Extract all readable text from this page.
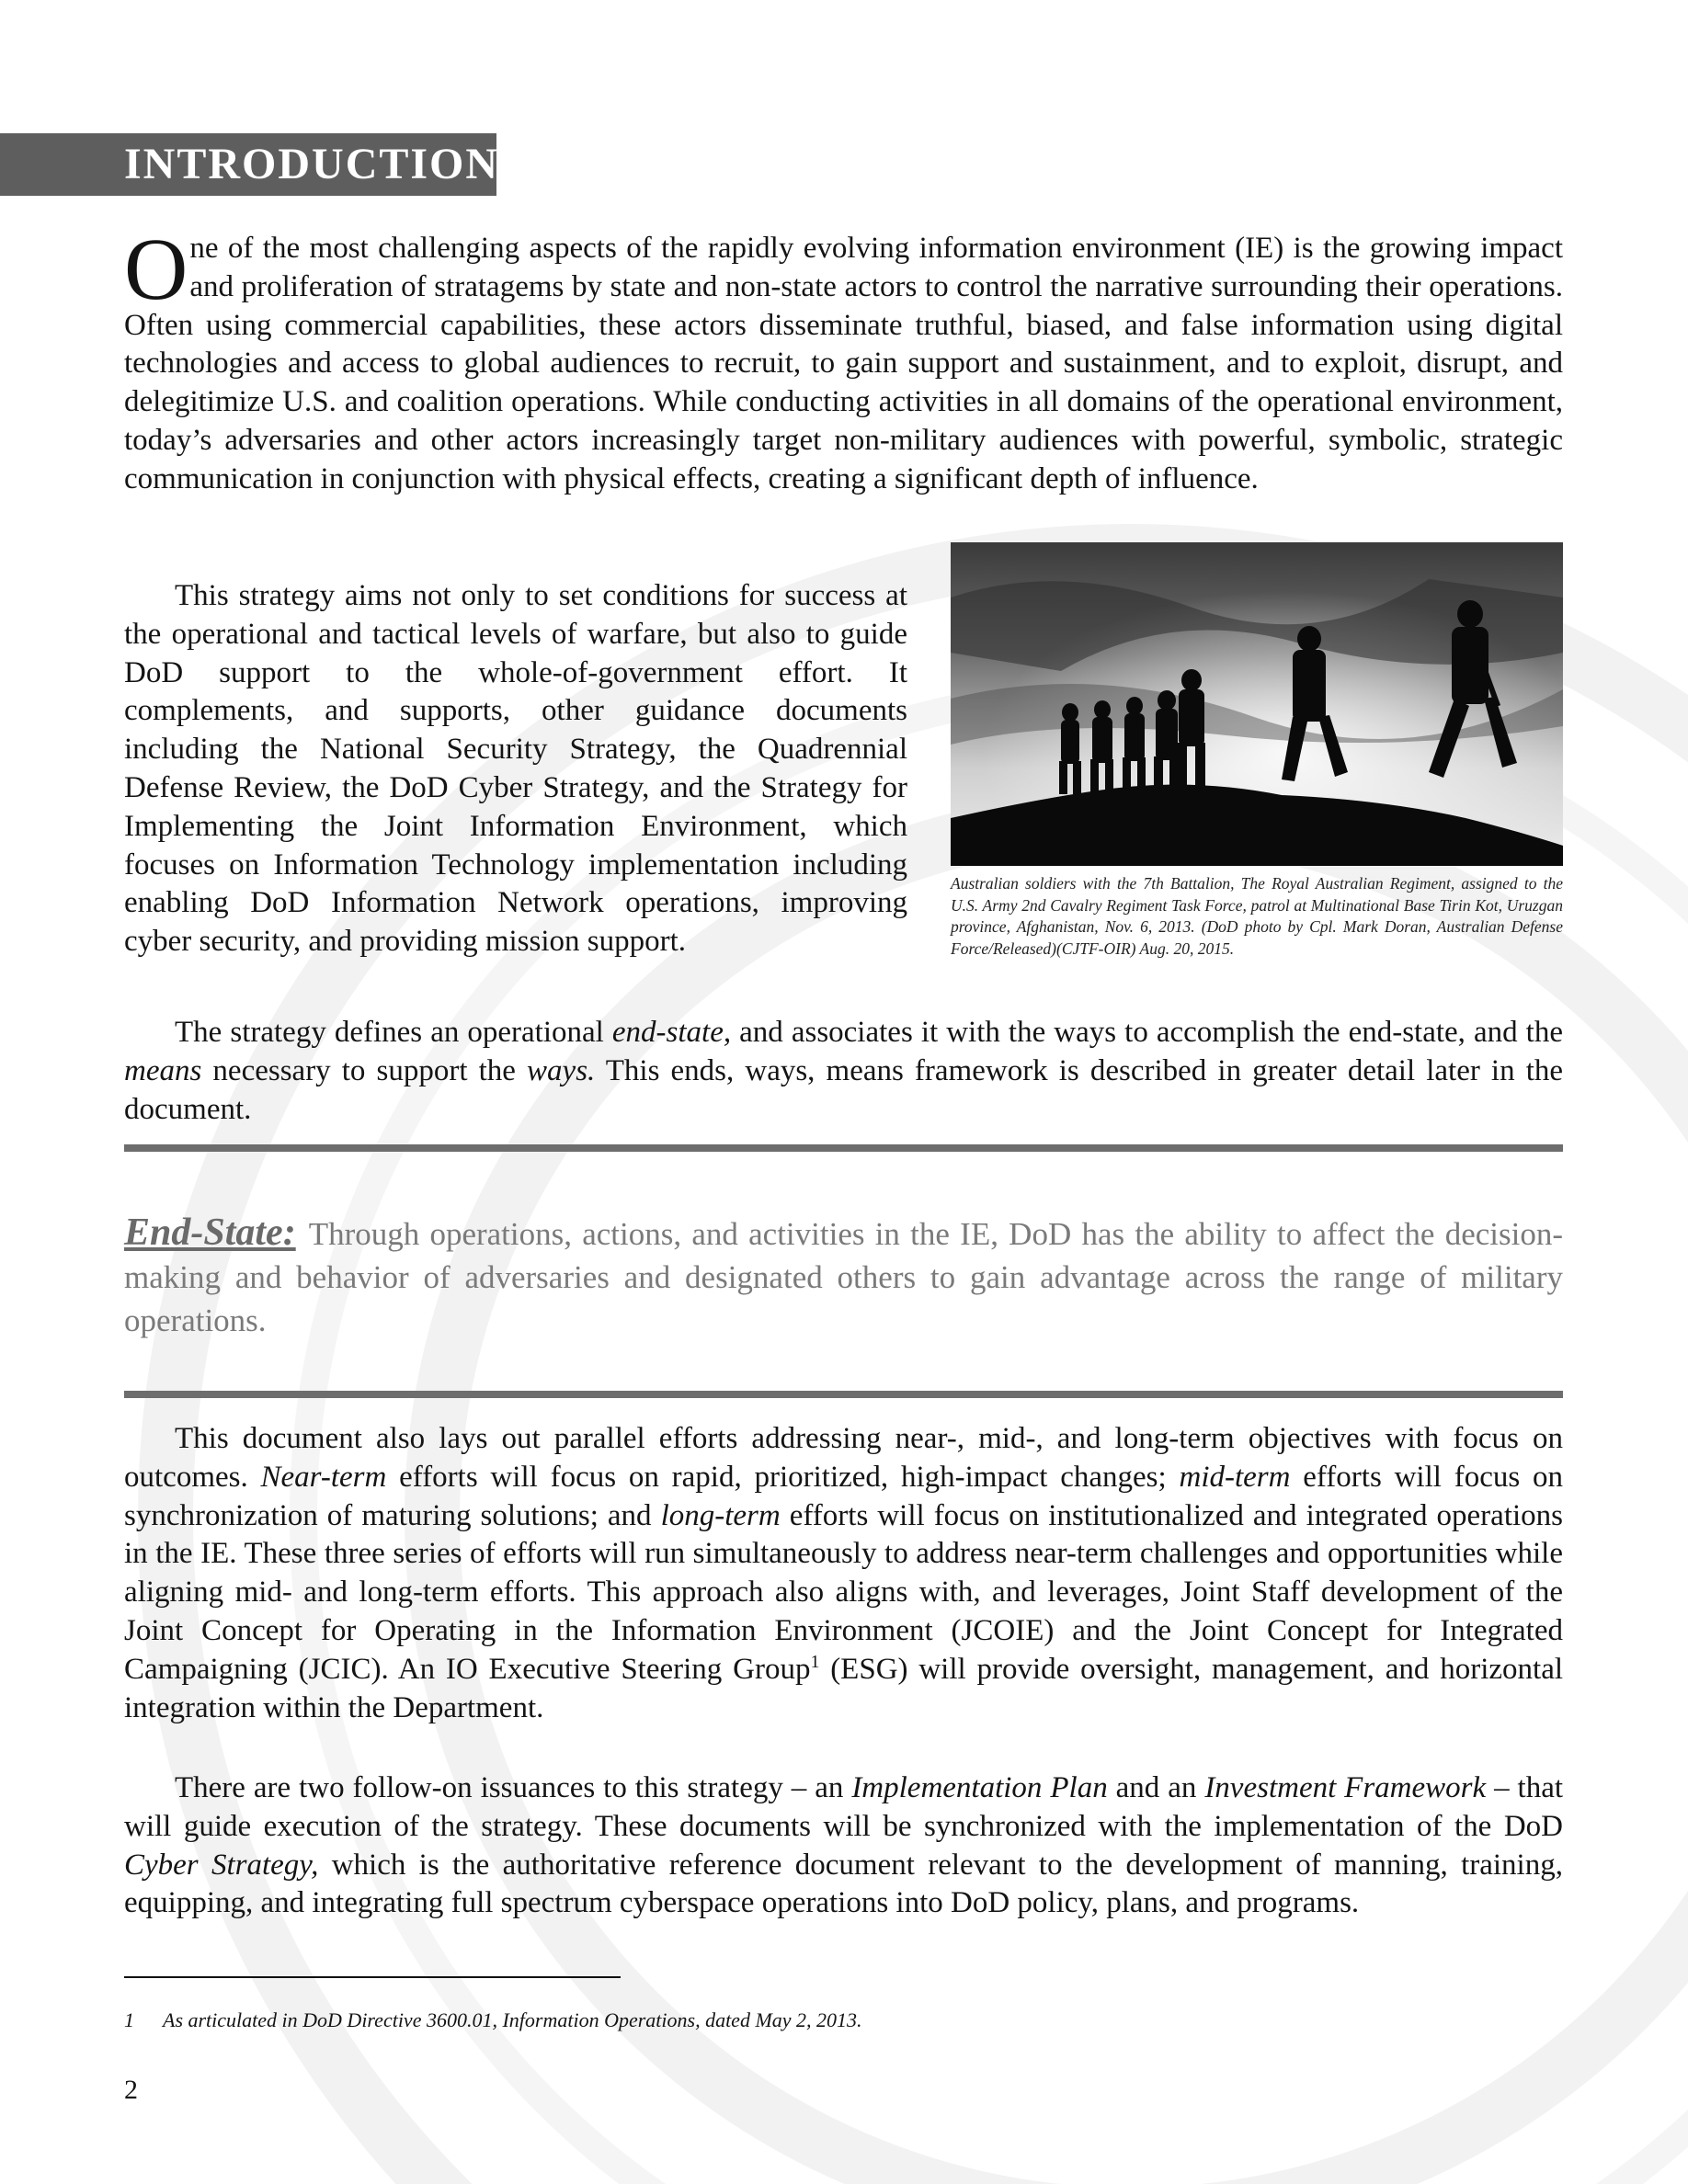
INTRODUCTION

One of the most challenging aspects of the rapidly evolving information environment (IE) is the growing impact and proliferation of stratagems by state and non-state actors to control the narrative surrounding their operations. Often using commercial capabilities, these actors disseminate truthful, biased, and false information using digital technologies and access to global audiences to recruit, to gain support and sustainment, and to exploit, disrupt, and delegitimize U.S. and coalition operations. While conducting activities in all domains of the operational environment, today’s adversaries and other actors increasingly target non-military audiences with powerful, symbolic, strategic communication in conjunction with physical effects, creating a significant depth of influence.

This strategy aims not only to set conditions for success at the operational and tactical levels of warfare, but also to guide DoD support to the whole-of-government effort. It complements, and supports, other guidance documents including the National Security Strategy, the Quadrennial Defense Review, the DoD Cyber Strategy, and the Strategy for Implementing the Joint Information Environment, which focuses on Information Technology implementation including enabling DoD Information Network operations, improving cyber security, and providing mission support.

Australian soldiers with the 7th Battalion, The Royal Australian Regiment, assigned to the U.S. Army 2nd Cavalry Regiment Task Force, patrol at Multinational Base Tirin Kot, Uruzgan province, Afghanistan, Nov. 6, 2013. (DoD photo by Cpl. Mark Doran, Australian Defense Force/Released)(CJTF-OIR) Aug. 20, 2015.

The strategy defines an operational end-state, and associates it with the ways to accomplish the end-state, and the means necessary to support the ways. This ends, ways, means framework is described in greater detail later in the document.

End-State: Through operations, actions, and activities in the IE, DoD has the ability to affect the decision-making and behavior of adversaries and designated others to gain advantage across the range of military operations.

This document also lays out parallel efforts addressing near-, mid-, and long-term objectives with focus on outcomes. Near-term efforts will focus on rapid, prioritized, high-impact changes; mid-term efforts will focus on synchronization of maturing solutions; and long-term efforts will focus on institutionalized and integrated operations in the IE. These three series of efforts will run simultaneously to address near-term challenges and opportunities while aligning mid- and long-term efforts. This approach also aligns with, and leverages, Joint Staff development of the Joint Concept for Operating in the Information Environment (JCOIE) and the Joint Concept for Integrated Campaigning (JCIC). An IO Executive Steering Group$^1$ (ESG) will provide oversight, management, and horizontal integration within the Department.

There are two follow-on issuances to this strategy – an Implementation Plan and an Investment Framework – that will guide execution of the strategy. These documents will be synchronized with the implementation of the DoD Cyber Strategy, which is the authoritative reference document relevant to the development of manning, training, equipping, and integrating full spectrum cyberspace operations into DoD policy, plans, and programs.

1 As articulated in DoD Directive 3600.01, Information Operations, dated May 2, 2013.

2
